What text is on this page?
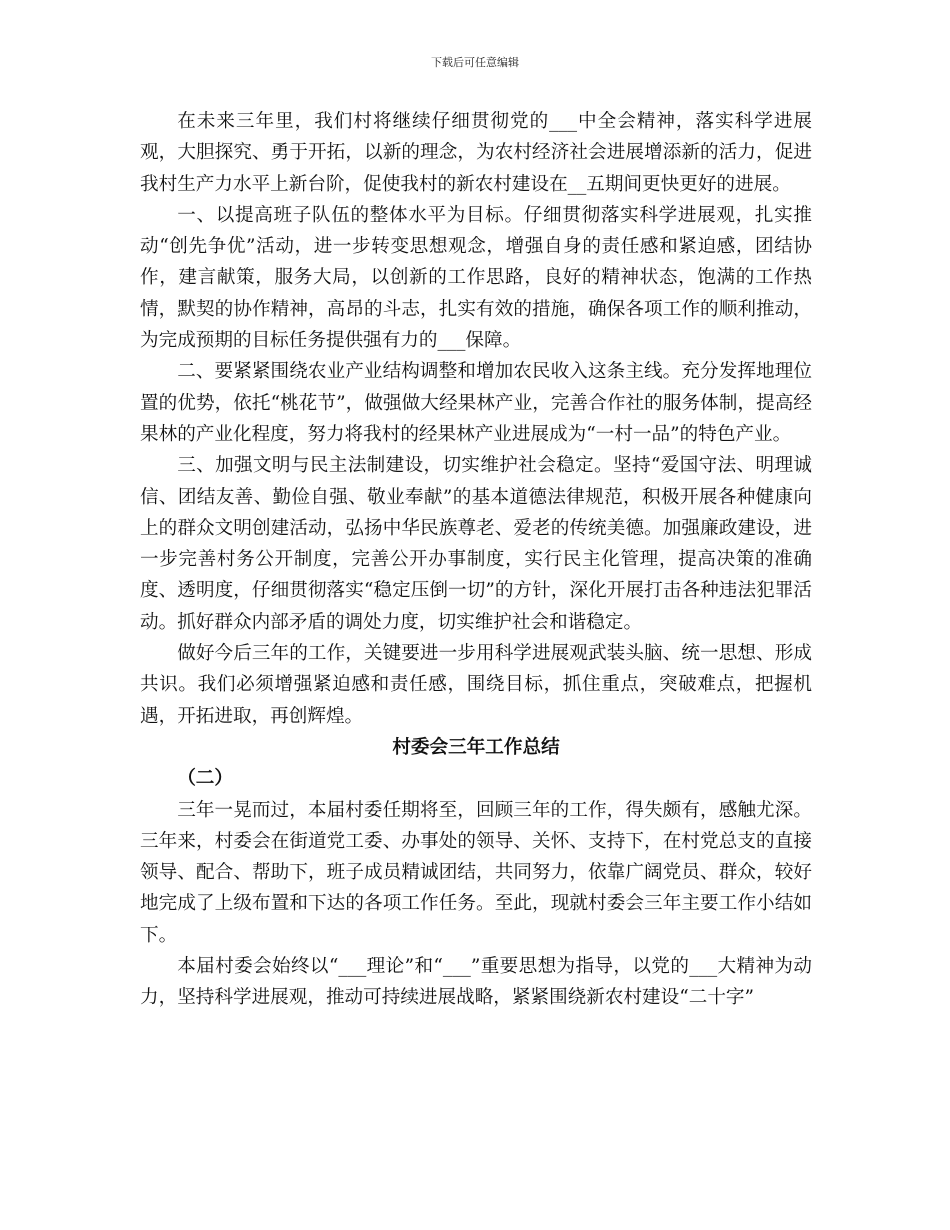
下载后可任意编辑

在未来三年里，我们村将继续仔细贯彻党的___中全会精神，落实科学进展观，大胆探究、勇于开拓，以新的理念，为农村经济社会进展增添新的活力，促进我村生产力水平上新台阶，促使我村的新农村建设在__五期间更快更好的进展。

一、以提高班子队伍的整体水平为目标。仔细贯彻落实科学进展观，扎实推动“创先争优”活动，进一步转变思想观念，增强自身的责任感和紧迫感，团结协作，建言献策，服务大局，以创新的工作思路，良好的精神状态，饱满的工作热情，默契的协作精神，高昂的斗志，扎实有效的措施，确保各项工作的顺利推动，为完成预期的目标任务提供强有力的___保障。

二、要紧紧围绕农业产业结构调整和增加农民收入这条主线。充分发挥地理位置的优势，依托“桃花节”，做强做大经果林产业，完善合作社的服务体制，提高经果林的产业化程度，努力将我村的经果林产业进展成为“一村一品”的特色产业。

三、加强文明与民主法制建设，切实维护社会稳定。坚持“爱国守法、明理诚信、团结友善、勤俭自强、敬业奉献”的基本道德法律规范，积极开展各种健康向上的群众文明创建活动，弘扬中华民族尊老、爱老的传统美德。加强廉政建设，进一步完善村务公开制度，完善公开办事制度，实行民主化管理，提高决策的准确度、透明度，仔细贯彻落实“稳定压倒一切”的方针，深化开展打击各种违法犯罪活动。抓好群众内部矛盾的调处力度，切实维护社会和谐稳定。

做好今后三年的工作，关键要进一步用科学进展观武装头脑、统一思想、形成共识。我们必须增强紧迫感和责任感，围绕目标，抓住重点，突破难点，把握机遇，开拓进取，再创辉煌。

村委会三年工作总结

（二）

三年一晃而过，本届村委任期将至，回顾三年的工作，得失颇有，感触尤深。三年来，村委会在街道党工委、办事处的领导、关怀、支持下，在村党总支的直接领导、配合、帮助下，班子成员精诚团结，共同努力，依靠广阔党员、群众，较好地完成了上级布置和下达的各项工作任务。至此，现就村委会三年主要工作小结如下。

本届村委会始终以“___理论”和“___”重要思想为指导，以党的___大精神为动力，坚持科学进展观，推动可持续进展战略，紧紧围绕新农村建设“二十字”
